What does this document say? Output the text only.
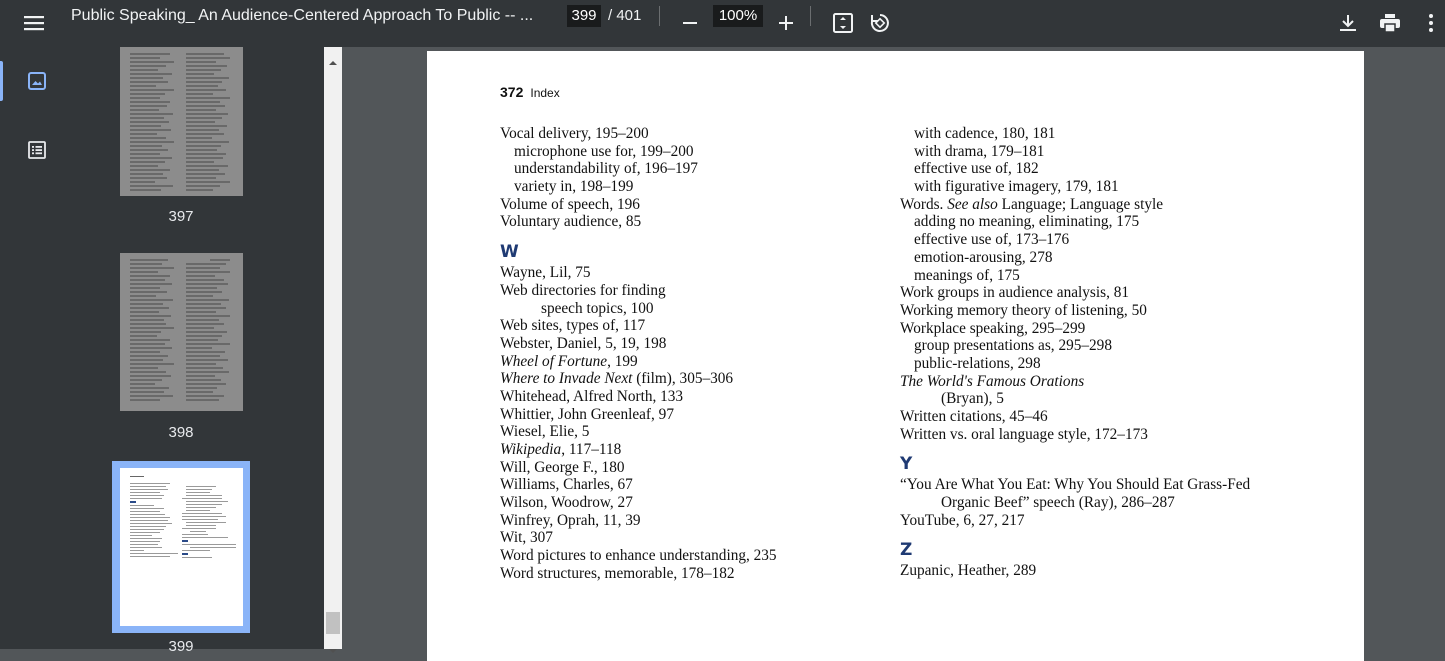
Public Speaking_ An Audience-Centered Approach To Public -- ...	399 / 401	100%
397
398
399
372 Index
Vocal delivery, 195–200
microphone use for, 199–200
understandability of, 196–197
variety in, 198–199
Volume of speech, 196
Voluntary audience, 85
W
Wayne, Lil, 75
Web directories for finding
speech topics, 100
Web sites, types of, 117
Webster, Daniel, 5, 19, 198
Wheel of Fortune, 199
Where to Invade Next (film), 305–306
Whitehead, Alfred North, 133
Whittier, John Greenleaf, 97
Wiesel, Elie, 5
Wikipedia, 117–118
Will, George F., 180
Williams, Charles, 67
Wilson, Woodrow, 27
Winfrey, Oprah, 11, 39
Wit, 307
Word pictures to enhance understanding, 235
Word structures, memorable, 178–182
with cadence, 180, 181
with drama, 179–181
effective use of, 182
with figurative imagery, 179, 181
Words. See also Language; Language style
adding no meaning, eliminating, 175
effective use of, 173–176
emotion-arousing, 278
meanings of, 175
Work groups in audience analysis, 81
Working memory theory of listening, 50
Workplace speaking, 295–299
group presentations as, 295–298
public-relations, 298
The World's Famous Orations
(Bryan), 5
Written citations, 45–46
Written vs. oral language style, 172–173
Y
“You Are What You Eat: Why You Should Eat Grass-Fed
Organic Beef” speech (Ray), 286–287
YouTube, 6, 27, 217
Z
Zupanic, Heather, 289
